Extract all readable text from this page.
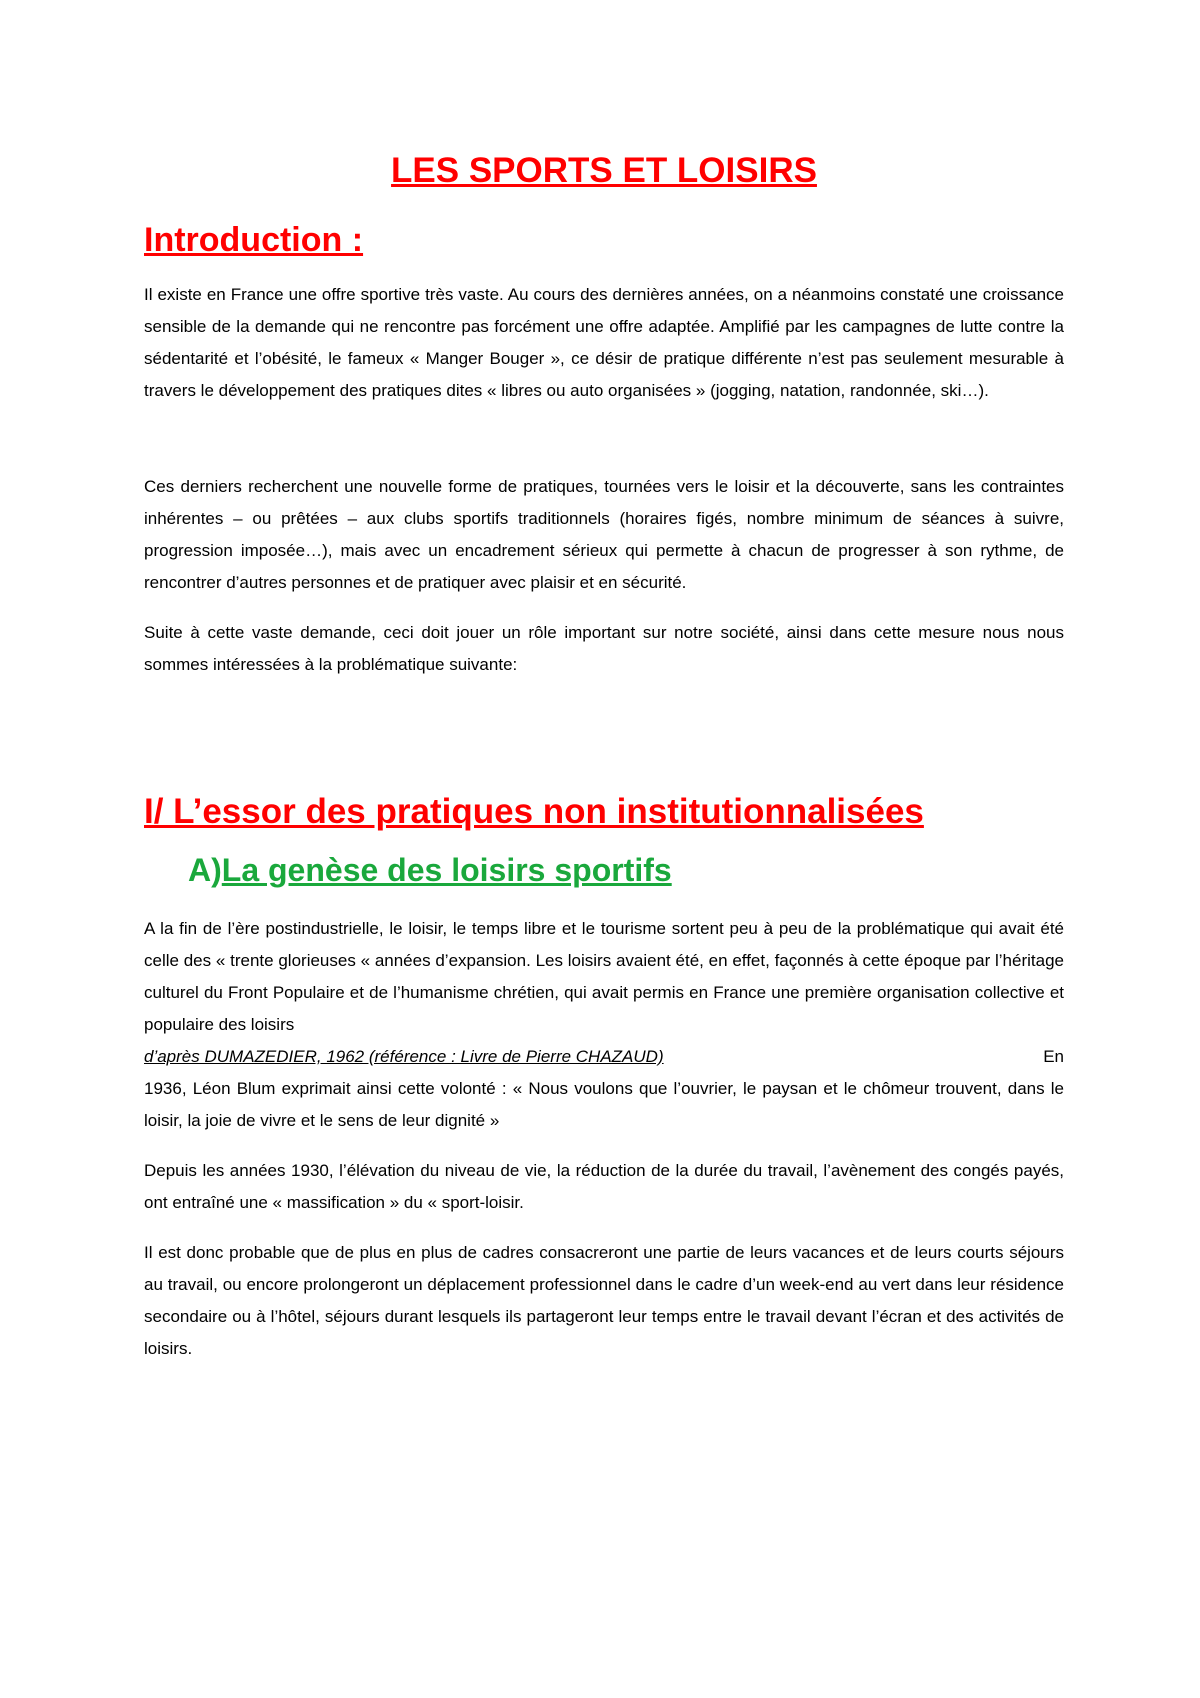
LES SPORTS ET LOISIRS
Introduction :

Il existe en France une offre sportive très vaste. Au cours des dernières années, on a néanmoins constaté une croissance sensible de la demande qui ne rencontre pas forcément une offre adaptée. Amplifié par les campagnes de lutte contre la sédentarité et l’obésité, le fameux « Manger Bouger », ce désir de pratique différente n’est pas seulement mesurable à travers le développement des pratiques dites « libres ou auto organisées » (jogging, natation, randonnée, ski…).

Ces derniers recherchent une nouvelle forme de pratiques, tournées vers le loisir et la découverte, sans les contraintes inhérentes – ou prêtées – aux clubs sportifs traditionnels (horaires figés, nombre minimum de séances à suivre, progression imposée…), mais avec un encadrement sérieux qui permette à chacun de progresser à son rythme, de rencontrer d’autres personnes et de pratiquer avec plaisir et en sécurité.

Suite à cette vaste demande, ceci doit jouer un rôle important sur notre société, ainsi dans cette mesure nous nous sommes intéressées à la problématique suivante:

I/ L’essor des pratiques non institutionnalisées
A)La genèse des loisirs sportifs

A la fin de l’ère postindustrielle, le loisir, le temps libre et le tourisme sortent peu à peu de la problématique qui avait été celle des « trente glorieuses « années d’expansion. Les loisirs avaient été, en effet, façonnés à cette époque par l’héritage culturel du Front Populaire et de l’humanisme chrétien, qui avait permis en France une première organisation collective et populaire des loisirs

d’après DUMAZEDIER, 1962 (référence : Livre de Pierre CHAZAUD)	En

1936, Léon Blum exprimait ainsi cette volonté : « Nous voulons que l’ouvrier, le paysan et le chômeur trouvent, dans le loisir, la joie de vivre et le sens de leur dignité »

Depuis les années 1930, l’élévation du niveau de vie, la réduction de la durée du travail, l’avènement des congés payés, ont entraîné une « massification » du « sport-loisir.

Il est donc probable que de plus en plus de cadres consacreront une partie de leurs vacances et de leurs courts séjours au travail, ou encore prolongeront un déplacement professionnel dans le cadre d’un week-end au vert dans leur résidence secondaire ou à l’hôtel, séjours durant lesquels ils partageront leur temps entre le travail devant l’écran et des activités de loisirs.
